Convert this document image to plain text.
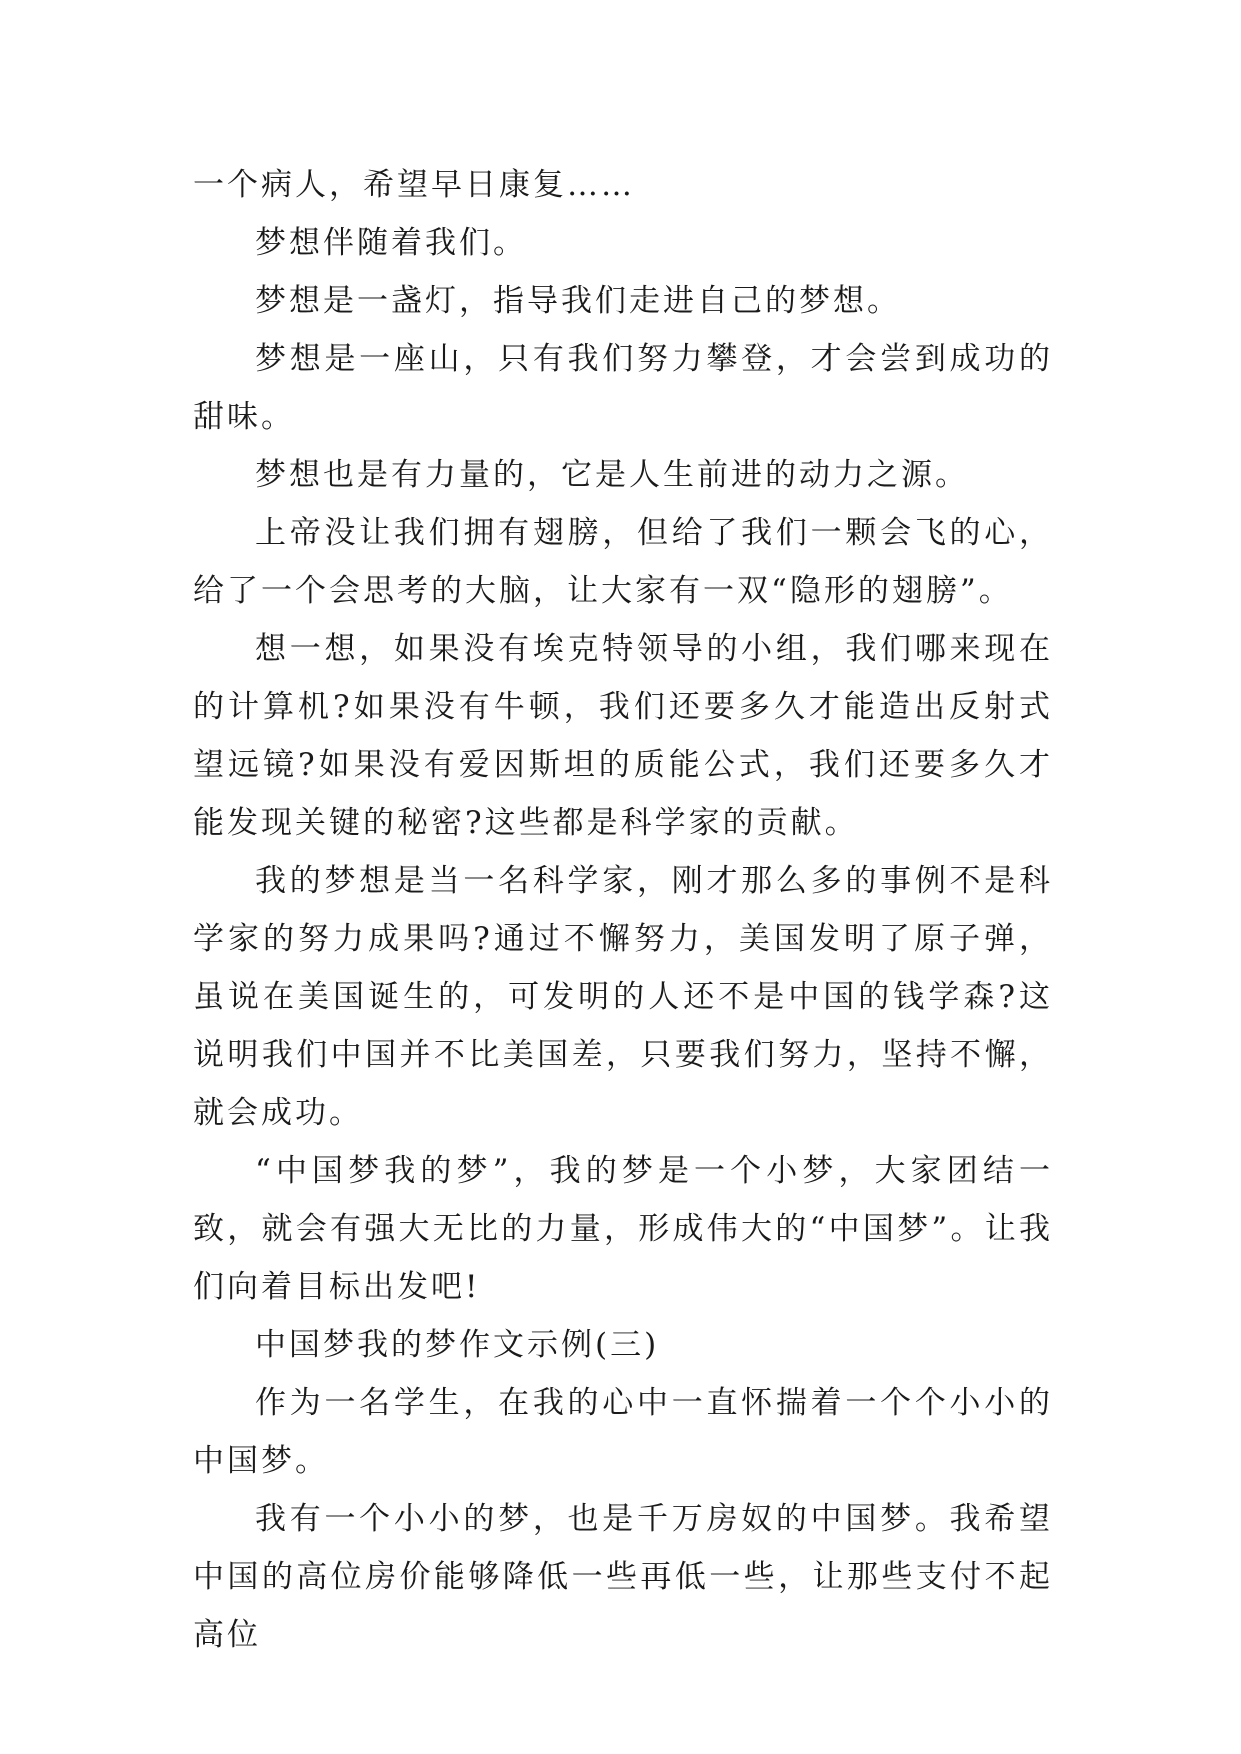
一个病人，希望早日康复……

梦想伴随着我们。

梦想是一盏灯，指导我们走进自己的梦想。

梦想是一座山，只有我们努力攀登，才会尝到成功的甜味。

梦想也是有力量的，它是人生前进的动力之源。

上帝没让我们拥有翅膀，但给了我们一颗会飞的心，给了一个会思考的大脑，让大家有一双“隐形的翅膀”。

想一想，如果没有埃克特领导的小组，我们哪来现在的计算机?如果没有牛顿，我们还要多久才能造出反射式望远镜?如果没有爱因斯坦的质能公式，我们还要多久才能发现关键的秘密?这些都是科学家的贡献。

我的梦想是当一名科学家，刚才那么多的事例不是科学家的努力成果吗?通过不懈努力，美国发明了原子弹，虽说在美国诞生的，可发明的人还不是中国的钱学森?这说明我们中国并不比美国差，只要我们努力，坚持不懈，就会成功。

“中国梦我的梦”，我的梦是一个小梦，大家团结一致，就会有强大无比的力量，形成伟大的“中国梦”。让我们向着目标出发吧!

中国梦我的梦作文示例(三)

作为一名学生，在我的心中一直怀揣着一个个小小的中国梦。

我有一个小小的梦，也是千万房奴的中国梦。我希望中国的高位房价能够降低一些再低一些，让那些支付不起高位
